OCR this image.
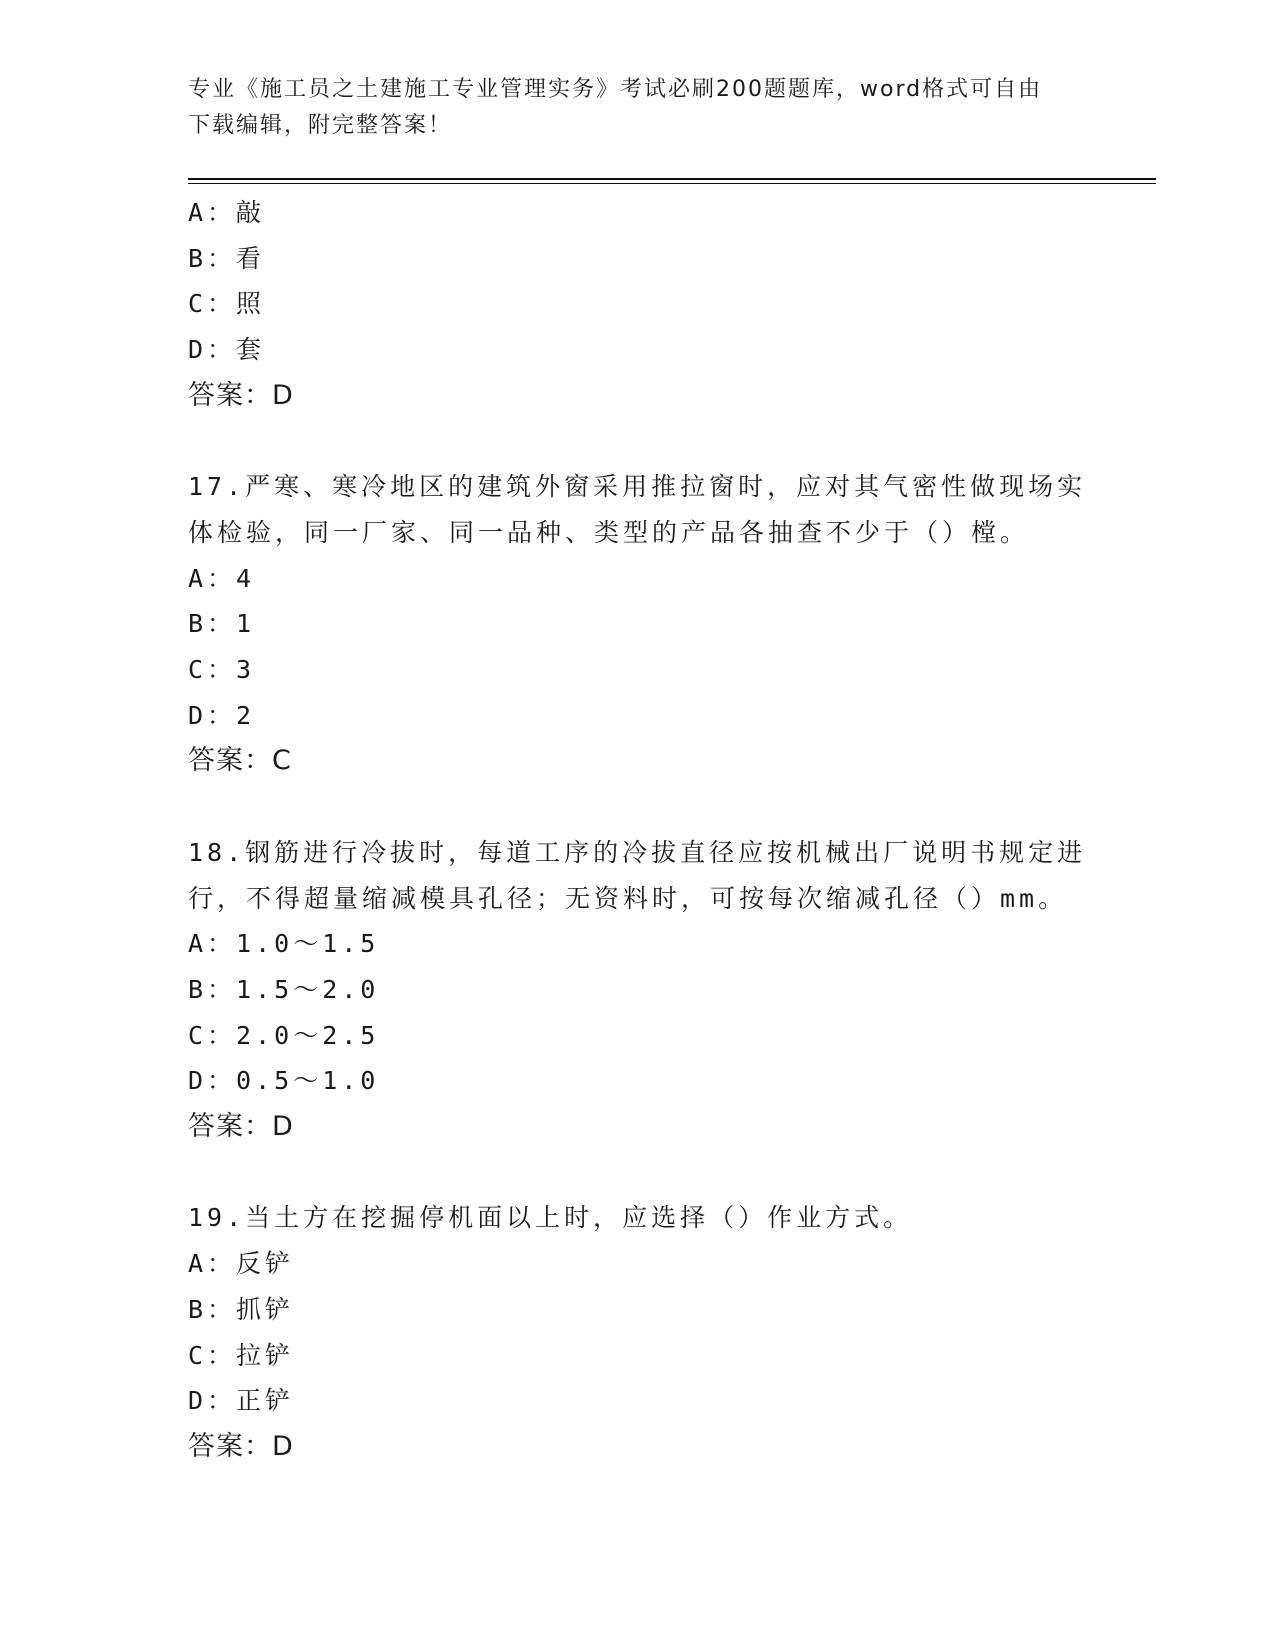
专业《施工员之土建施工专业管理实务》考试必刷200题题库，word格式可自由
下载编辑，附完整答案！
A：敲
B：看
C：照
D：套
答案：D
17.严寒、寒冷地区的建筑外窗采用推拉窗时，应对其气密性做现场实
体检验，同一厂家、同一品种、类型的产品各抽查不少于（）樘。
A：4
B：1
C：3
D：2
答案：C
18.钢筋进行冷拔时，每道工序的冷拔直径应按机械出厂说明书规定进
行，不得超量缩减模具孔径；无资料时，可按每次缩减孔径（）mm。
A：1.0～1.5
B：1.5～2.0
C：2.0～2.5
D：0.5～1.0
答案：D
19.当土方在挖掘停机面以上时，应选择（）作业方式。
A：反铲
B：抓铲
C：拉铲
D：正铲
答案：D
